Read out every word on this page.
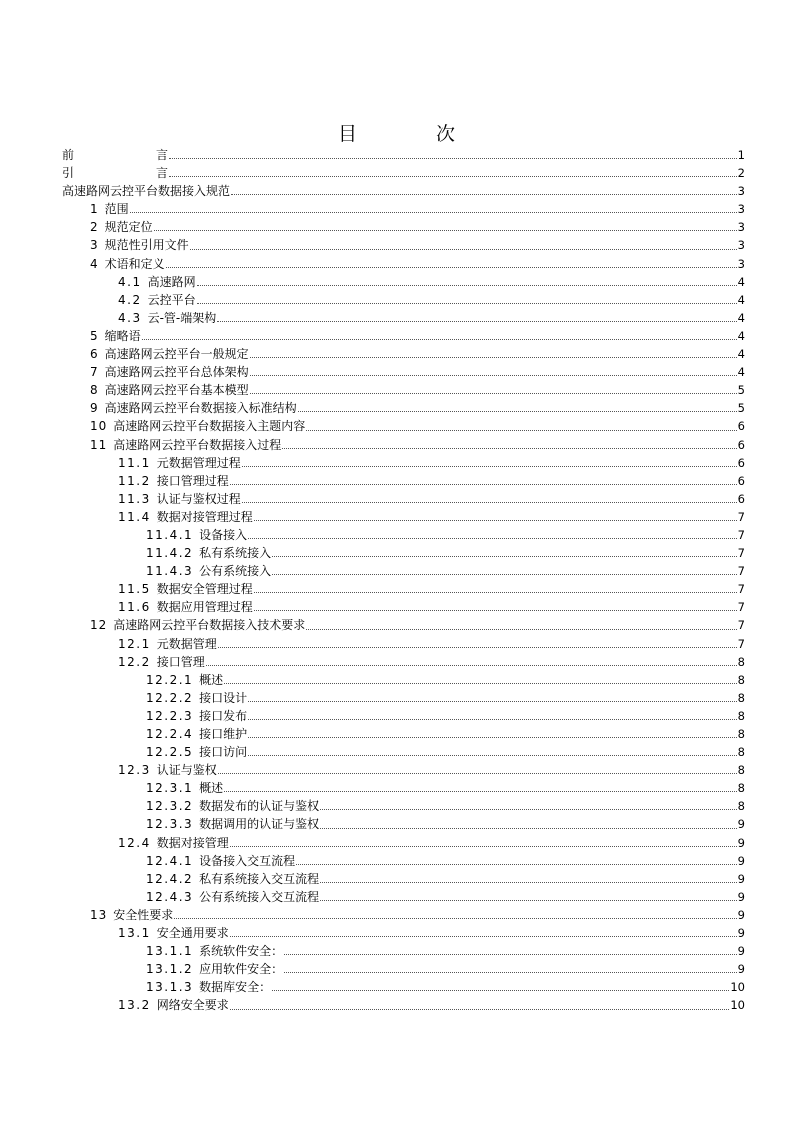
目　次
前	言	1
引	言	2
高速路网云控平台数据接入规范	3
1 范围	3
2 规范定位	3
3 规范性引用文件	3
4 术语和定义	3
4.1 高速路网	4
4.2 云控平台	4
4.3 云-管-端架构	4
5 缩略语	4
6 高速路网云控平台一般规定	4
7 高速路网云控平台总体架构	4
8 高速路网云控平台基本模型	5
9 高速路网云控平台数据接入标准结构	5
10 高速路网云控平台数据接入主题内容	6
11 高速路网云控平台数据接入过程	6
11.1 元数据管理过程	6
11.2 接口管理过程	6
11.3 认证与鉴权过程	6
11.4 数据对接管理过程	7
11.4.1 设备接入	7
11.4.2 私有系统接入	7
11.4.3 公有系统接入	7
11.5 数据安全管理过程	7
11.6 数据应用管理过程	7
12 高速路网云控平台数据接入技术要求	7
12.1 元数据管理	7
12.2 接口管理	8
12.2.1 概述	8
12.2.2 接口设计	8
12.2.3 接口发布	8
12.2.4 接口维护	8
12.2.5 接口访问	8
12.3 认证与鉴权	8
12.3.1 概述	8
12.3.2 数据发布的认证与鉴权	8
12.3.3 数据调用的认证与鉴权	9
12.4 数据对接管理	9
12.4.1 设备接入交互流程	9
12.4.2 私有系统接入交互流程	9
12.4.3 公有系统接入交互流程	9
13 安全性要求	9
13.1 安全通用要求	9
13.1.1 系统软件安全：	9
13.1.2 应用软件安全：	9
13.1.3 数据库安全：	10
13.2 网络安全要求	10
